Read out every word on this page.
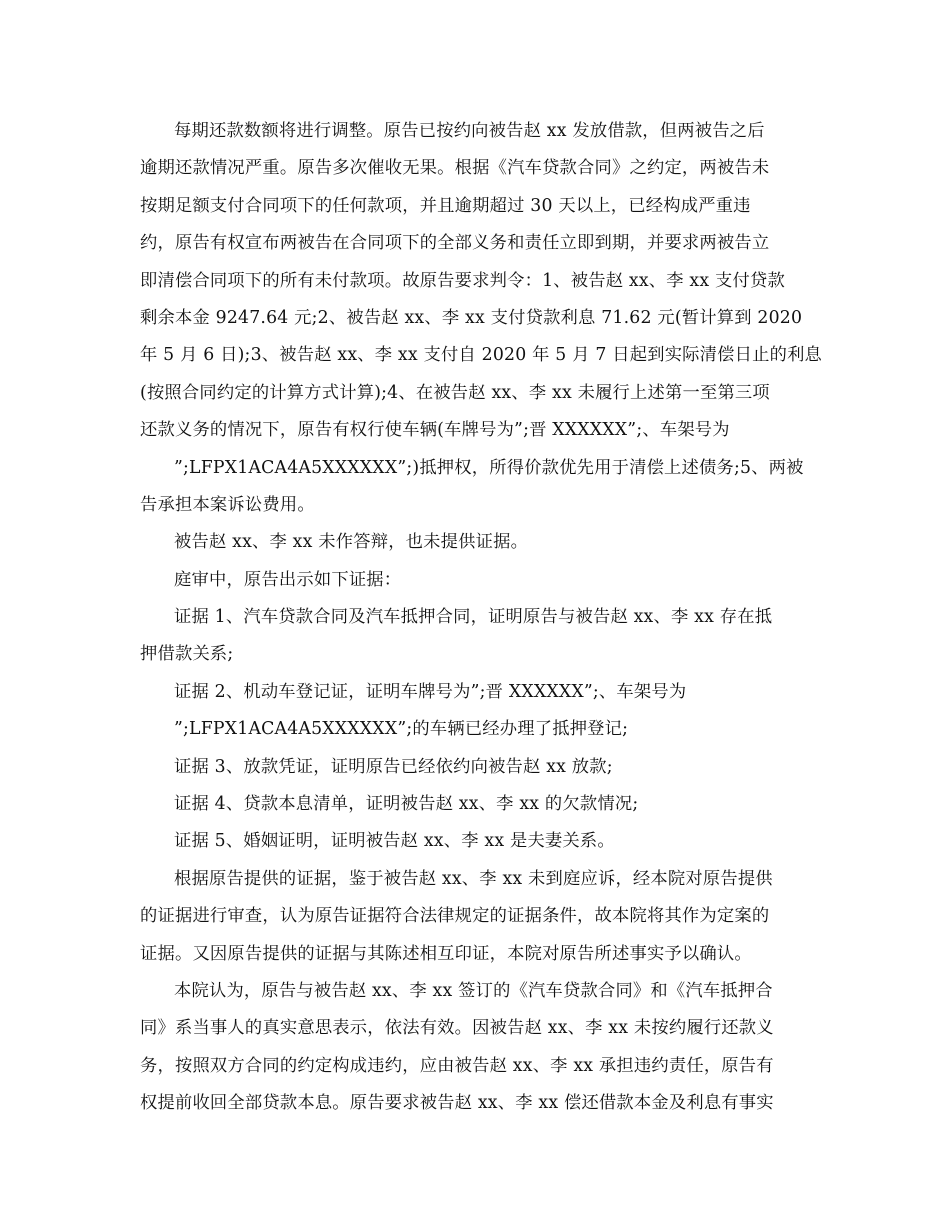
每期还款数额将进行调整。原告已按约向被告赵 xx 发放借款，但两被告之后
逾期还款情况严重。原告多次催收无果。根据《汽车贷款合同》之约定，两被告未
按期足额支付合同项下的任何款项，并且逾期超过 30 天以上，已经构成严重违
约，原告有权宣布两被告在合同项下的全部义务和责任立即到期，并要求两被告立
即清偿合同项下的所有未付款项。故原告要求判令：1、被告赵 xx、李 xx 支付贷款
剩余本金 9247.64 元;2、被告赵 xx、李 xx 支付贷款利息 71.62 元(暂计算到 2020
年 5 月 6 日);3、被告赵 xx、李 xx 支付自 2020 年 5 月 7 日起到实际清偿日止的利息
(按照合同约定的计算方式计算);4、在被告赵 xx、李 xx 未履行上述第一至第三项
还款义务的情况下，原告有权行使车辆(车牌号为”;晋 XXXXXX”;、车架号为
”;LFPX1ACA4A5XXXXXX”;)抵押权，所得价款优先用于清偿上述债务;5、两被
告承担本案诉讼费用。
被告赵 xx、李 xx 未作答辩，也未提供证据。
庭审中，原告出示如下证据：
证据 1、汽车贷款合同及汽车抵押合同，证明原告与被告赵 xx、李 xx 存在抵
押借款关系;
证据 2、机动车登记证，证明车牌号为”;晋 XXXXXX”;、车架号为
”;LFPX1ACA4A5XXXXXX”;的车辆已经办理了抵押登记;
证据 3、放款凭证，证明原告已经依约向被告赵 xx 放款;
证据 4、贷款本息清单，证明被告赵 xx、李 xx 的欠款情况;
证据 5、婚姻证明，证明被告赵 xx、李 xx 是夫妻关系。
根据原告提供的证据，鉴于被告赵 xx、李 xx 未到庭应诉，经本院对原告提供
的证据进行审查，认为原告证据符合法律规定的证据条件，故本院将其作为定案的
证据。又因原告提供的证据与其陈述相互印证，本院对原告所述事实予以确认。
本院认为，原告与被告赵 xx、李 xx 签订的《汽车贷款合同》和《汽车抵押合
同》系当事人的真实意思表示，依法有效。因被告赵 xx、李 xx 未按约履行还款义
务，按照双方合同的约定构成违约，应由被告赵 xx、李 xx 承担违约责任，原告有
权提前收回全部贷款本息。原告要求被告赵 xx、李 xx 偿还借款本金及利息有事实
